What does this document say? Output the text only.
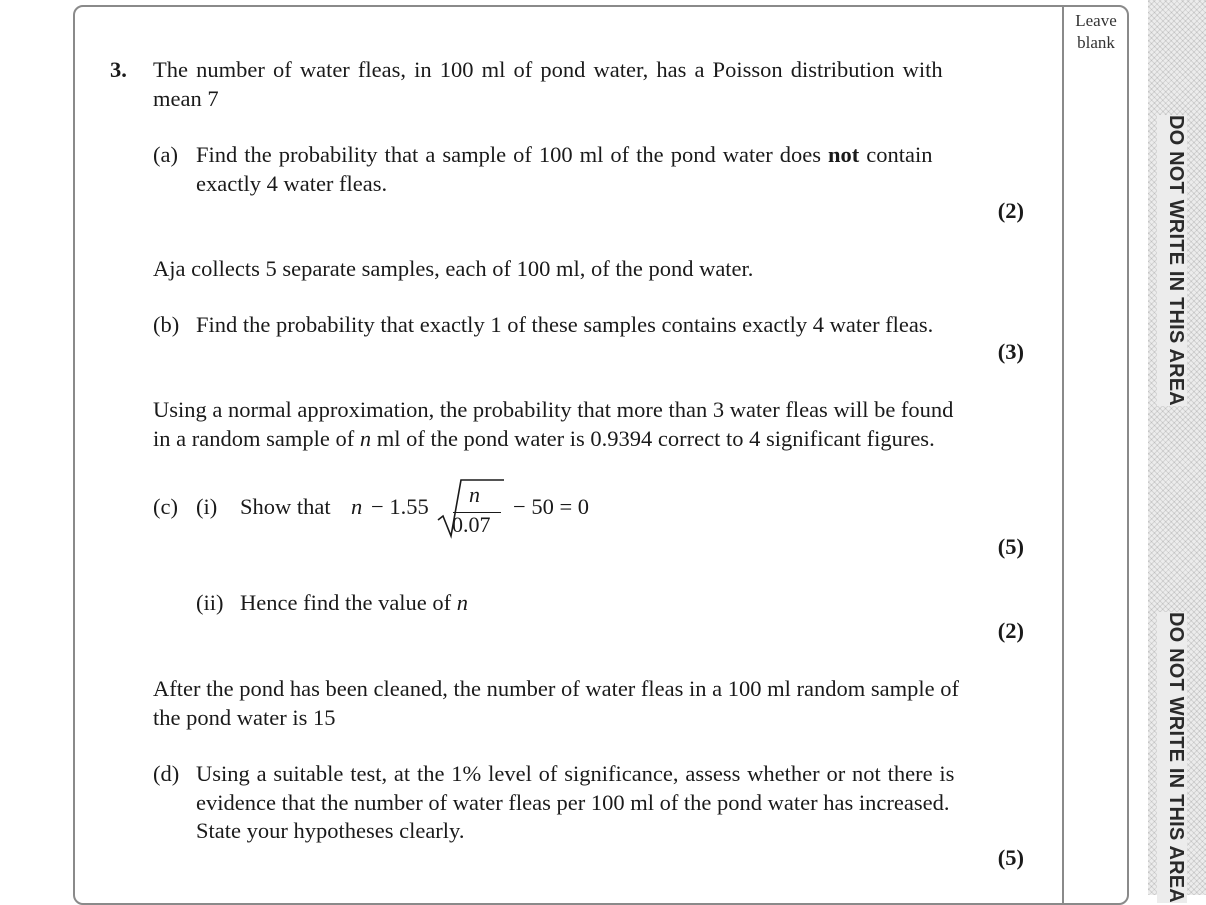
Leave
blank
DO NOT WRITE IN THIS AREA
DO NOT WRITE IN THIS AREA
3. The number of water fleas, in 100 ml of pond water, has a Poisson distribution with
mean 7
(a) Find the probability that a sample of 100 ml of the pond water does not contain
exactly 4 water fleas.
(2)
Aja collects 5 separate samples, each of 100 ml, of the pond water.
(b) Find the probability that exactly 1 of these samples contains exactly 4 water fleas.
(3)
Using a normal approximation, the probability that more than 3 water fleas will be found
in a random sample of n ml of the pond water is 0.9394 correct to 4 significant figures.
(c) (i) Show that n − 1.55 n
0.07
− 50 = 0
(5)
(ii) Hence find the value of n
(2)
After the pond has been cleaned, the number of water fleas in a 100 ml random sample of
the pond water is 15
(d) Using a suitable test, at the 1% level of significance, assess whether or not there is
evidence that the number of water fleas per 100 ml of the pond water has increased.
State your hypotheses clearly.
(5)
